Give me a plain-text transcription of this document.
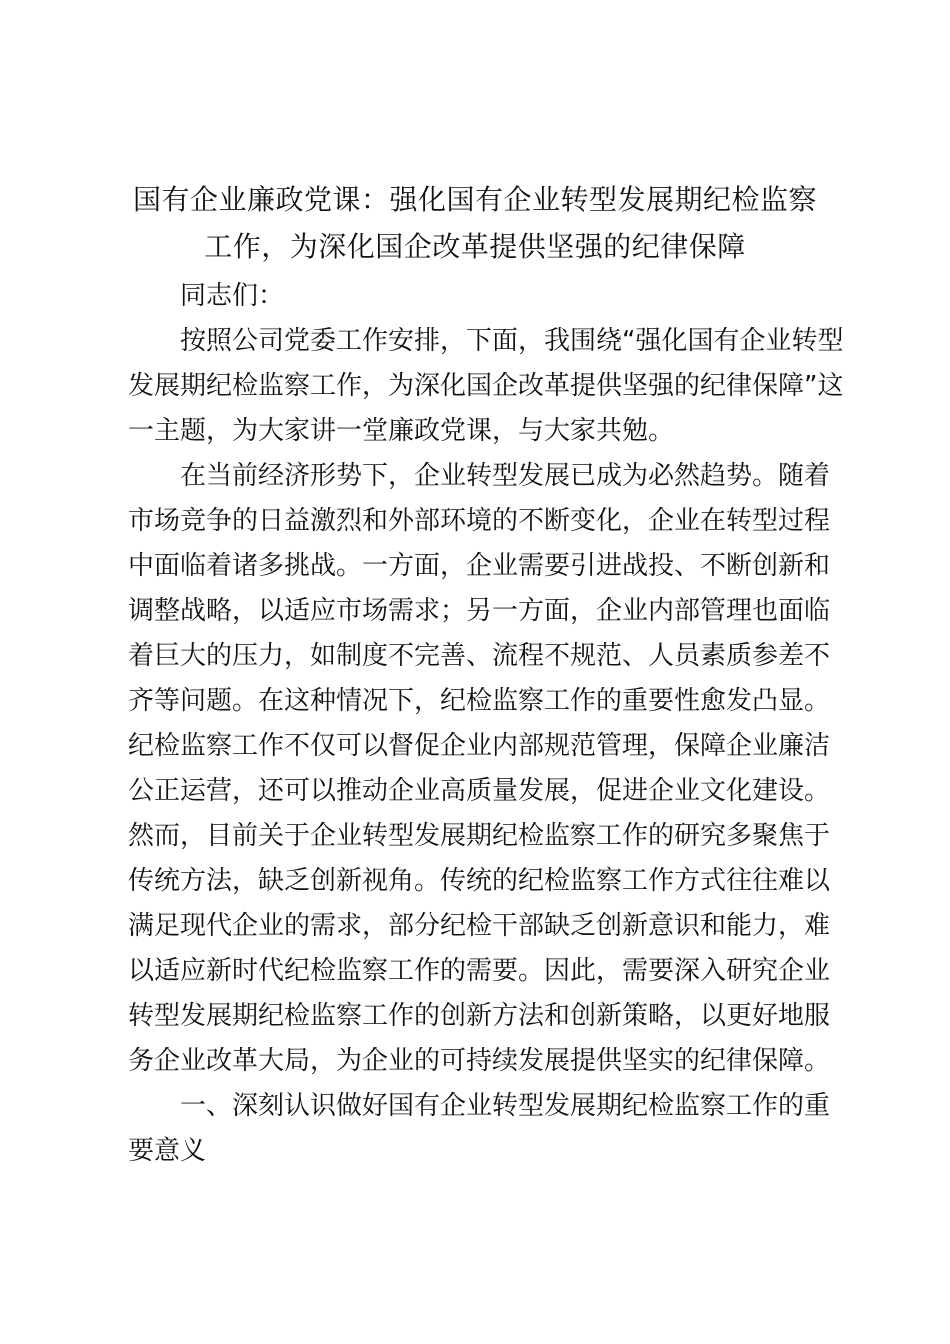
国有企业廉政党课：强化国有企业转型发展期纪检监察
工作，为深化国企改革提供坚强的纪律保障
同志们：
按照公司党委工作安排，下面，我围绕“强化国有企业转型
发展期纪检监察工作，为深化国企改革提供坚强的纪律保障”这
一主题，为大家讲一堂廉政党课，与大家共勉。
在当前经济形势下，企业转型发展已成为必然趋势。随着
市场竞争的日益激烈和外部环境的不断变化，企业在转型过程
中面临着诸多挑战。一方面，企业需要引进战投、不断创新和
调整战略，以适应市场需求；另一方面，企业内部管理也面临
着巨大的压力，如制度不完善、流程不规范、人员素质参差不
齐等问题。在这种情况下，纪检监察工作的重要性愈发凸显。
纪检监察工作不仅可以督促企业内部规范管理，保障企业廉洁
公正运营，还可以推动企业高质量发展，促进企业文化建设。
然而，目前关于企业转型发展期纪检监察工作的研究多聚焦于
传统方法，缺乏创新视角。传统的纪检监察工作方式往往难以
满足现代企业的需求，部分纪检干部缺乏创新意识和能力，难
以适应新时代纪检监察工作的需要。因此，需要深入研究企业
转型发展期纪检监察工作的创新方法和创新策略，以更好地服
务企业改革大局，为企业的可持续发展提供坚实的纪律保障。
一、深刻认识做好国有企业转型发展期纪检监察工作的重
要意义
